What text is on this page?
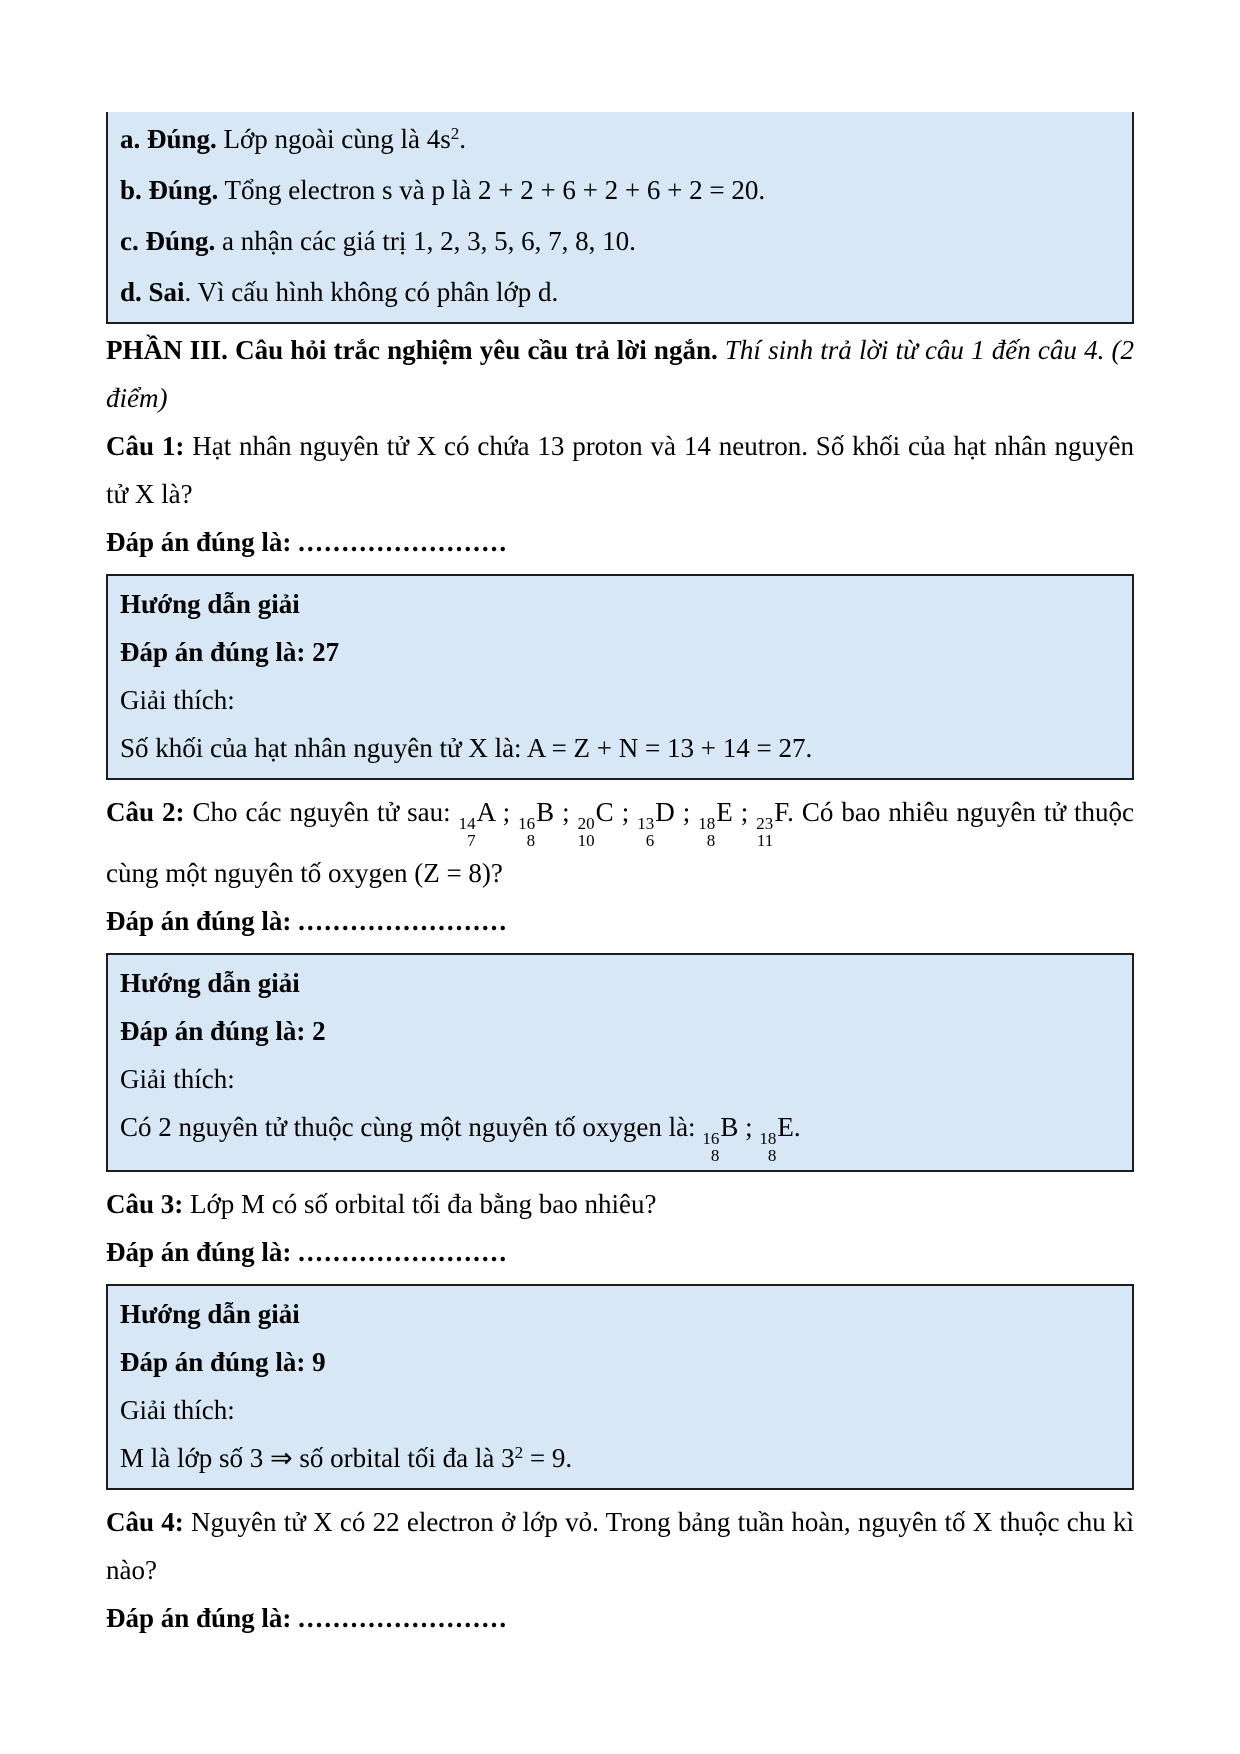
a. Đúng. Lớp ngoài cùng là $4s^2$.

b. Đúng. Tổng electron s và p là 2 + 2 + 6 + 2 + 6 + 2 = 20.

c. Đúng. a nhận các giá trị 1, 2, 3, 5, 6, 7, 8, 10.

d. Sai. Vì cấu hình không có phân lớp d.

PHẦN III. Câu hỏi trắc nghiệm yêu cầu trả lời ngắn. Thí sinh trả lời từ câu 1 đến câu 4. (2 điểm)

Câu 1: Hạt nhân nguyên tử X có chứa 13 proton và 14 neutron. Số khối của hạt nhân nguyên tử X là?

Đáp án đúng là: ........................

Hướng dẫn giải

Đáp án đúng là: 27

Giải thích:

Số khối của hạt nhân nguyên tử X là: A = Z + N = 13 + 14 = 27.

Câu 2: Cho các nguyên tử sau: 14
7
A ; 16
8
B ; 20
10
C ; 13
6
D ; 18
8
E ; 23
11
F. Có bao nhiêu nguyên tử thuộc cùng một nguyên tố oxygen (Z = 8)?

Đáp án đúng là: ........................

Hướng dẫn giải

Đáp án đúng là: 2

Giải thích:

Có 2 nguyên tử thuộc cùng một nguyên tố oxygen là: 16
8
B ; 18
8
E.

Câu 3: Lớp M có số orbital tối đa bằng bao nhiêu?

Đáp án đúng là: ........................

Hướng dẫn giải

Đáp án đúng là: 9

Giải thích:

M là lớp số 3 ⇒ số orbital tối đa là $3^2 = 9$.

Câu 4: Nguyên tử X có 22 electron ở lớp vỏ. Trong bảng tuần hoàn, nguyên tố X thuộc chu kì nào?

Đáp án đúng là: ........................
